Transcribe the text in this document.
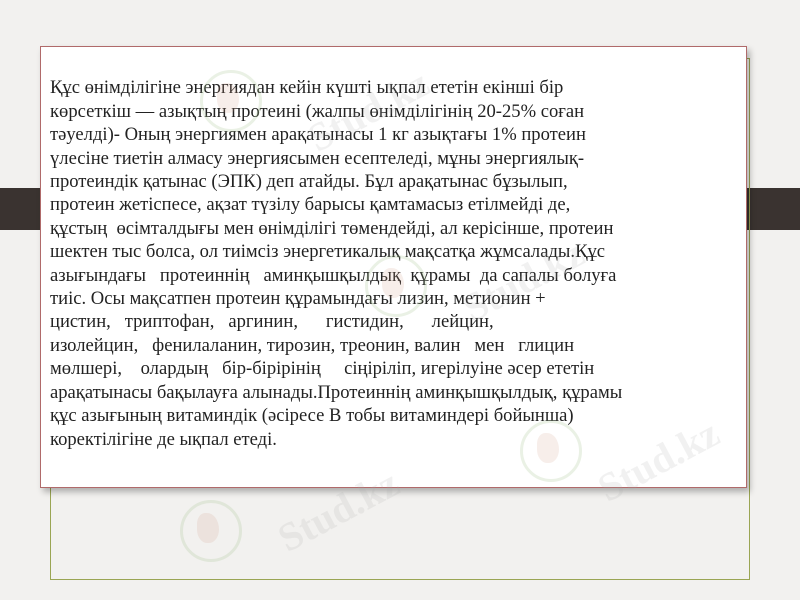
Құс өнімділігіне энергиядан кейін күшті ықпал ететін екінші бір
көрсеткіш — азықтың протеині (жалпы өнімділігінің 20-25% соған
тәуелді)- Оның энергиямен арақатынасы 1 кг азықтағы 1% протеин
үлесіне тиетін алмасу энергиясымен есептеледі, мұны энергиялық-
протеиндік қатынас (ЭПК) деп атайды. Бұл арақатынас бұзылып,
протеин жетіспесе, ақзат түзілу барысы қамтамасыз етілмейді де,
құстың  өсімталдығы мен өнімділігі төмендейді, ал керісінше, протеин
шектен тыс болса, ол тиімсіз энергетикалық мақсатқа жұмсалады.Құс
азығындағы   протеиннің   аминқышқылдық  құрамы  да сапалы болуға
тиіс. Осы мақсатпен протеин құрамындағы лизин, метионин +
цистин,   триптофан,   аргинин,      гистидин,      лейцин,
изолейцин,   фенилаланин, тирозин, треонин, валин   мен   глицин
мөлшері,    олардың   бір-бірірінің     сіңіріліп, игерілуіне әсер ететін
арақатынасы бақылауға алынады.Протеиннің аминқышқылдық, құрамы
құс азығының витаминдік (әсіресе В тобы витаминдері бойынша)
коректілігіне де ықпал етеді.
Stud.kz
